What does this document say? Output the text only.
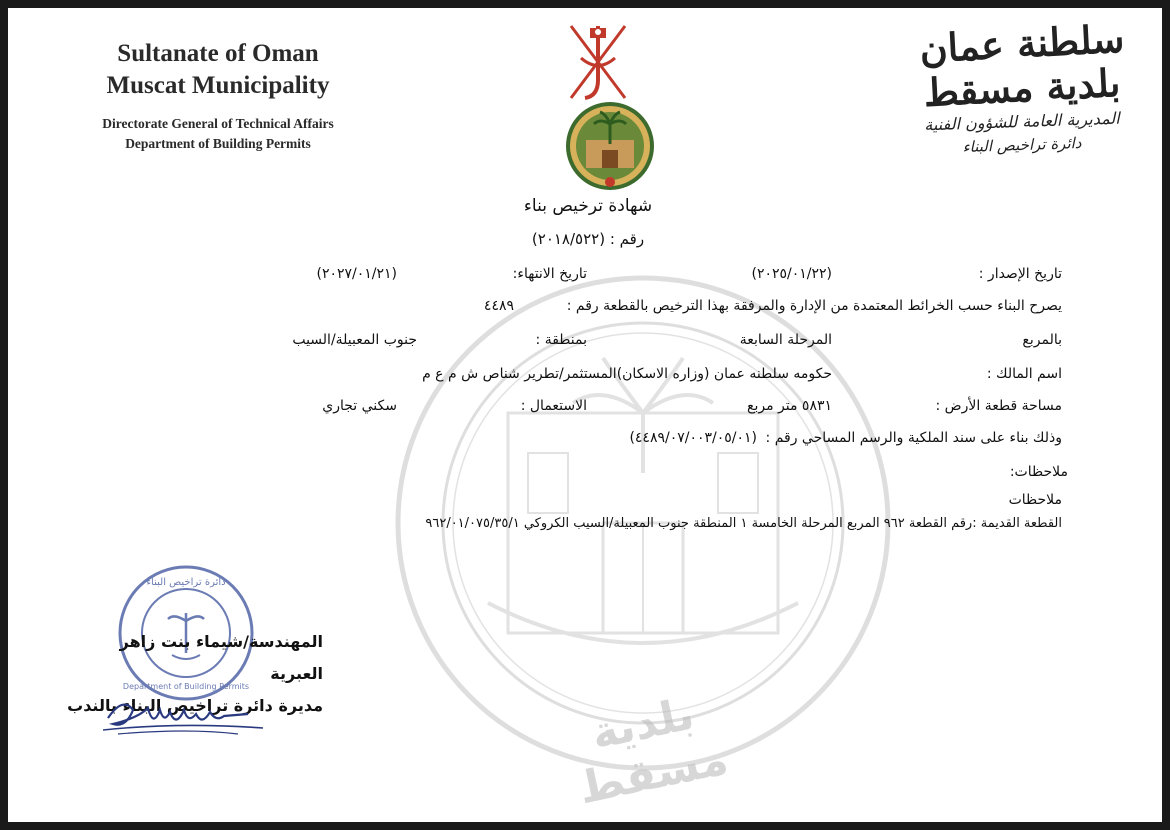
بلدية مسقط
Sultanate of Oman
Muscat Municipality
Directorate General of Technical Affairs
Department of Building Permits
سلطنة عمان
بلدية مسقط
المديرية العامة للشؤون الفنية
دائرة تراخيص البناء
شهادة ترخيص بناء
رقم : (٢٠١٨/٥٢٢)
تاريخ الإصدار :
(٢٠٢٥/٠١/٢٢)
تاريخ الانتهاء:
(٢٠٢٧/٠١/٢١)
يصرح البناء حسب الخرائط المعتمدة من الإدارة والمرفقة بهذا الترخيص بالقطعة رقم :
٤٤٨٩
بالمربع
المرحلة السابعة
بمنطقة :
جنوب المعبيلة/السيب
اسم المالك :
حكومه سلطنه عمان (وزاره الاسكان)المستثمر/تطرير شناص ش م ع م
مساحة قطعة الأرض :
٥٨٣١ متر مربع
الاستعمال :
سكني تجاري
وذلك بناء على سند الملكية والرسم المساحي رقم :
(٤٤٨٩/٠٧/٠٠٣/٠٥/٠١)
ملاحظات:
ملاحظات
القطعة القديمة :رقم القطعة ٩٦٢ المربع المرحلة الخامسة ١ المنطقة جنوب المعبيلة/السيب الكروكي ٩٦٢/٠١/٠٧٥/٣٥/١
دائرة تراخيص البناء
Department of Building Permits
المهندسة/شيماء بنت زاهر العبرية
مديرة دائرة تراخيص البناء بالندب
